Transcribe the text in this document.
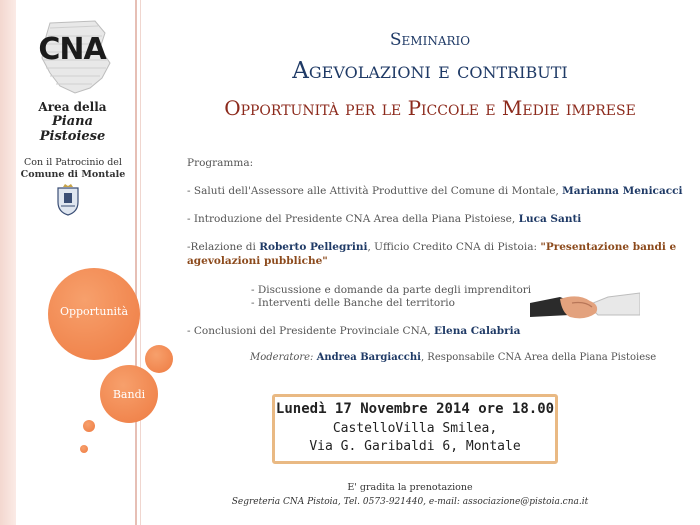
CNA
Area della
Piana Pistoiese
Con il Patrocinio del
Comune di Montale
Opportunità
Bandi
Seminario
Agevolazioni e contributi
Opportunità per le Piccole e Medie imprese
Programma:
- Saluti dell'Assessore alle Attività Produttive del Comune di Montale, Marianna Menicacci
- Introduzione del Presidente CNA Area della Piana Pistoiese, Luca Santi
-Relazione di Roberto Pellegrini, Ufficio Credito CNA di Pistoia: "Presentazione bandi e
agevolazioni pubbliche"
- Discussione e domande da parte degli imprenditori
- Interventi delle Banche del territorio
- Conclusioni del Presidente Provinciale CNA, Elena Calabria
Moderatore: Andrea Bargiacchi, Responsabile CNA Area della Piana Pistoiese
Lunedì 17 Novembre 2014 ore 18.00
CastelloVilla Smilea,
Via G. Garibaldi 6, Montale
E' gradita la prenotazione
Segreteria CNA Pistoia, Tel. 0573-921440, e-mail: associazione@pistoia.cna.it
